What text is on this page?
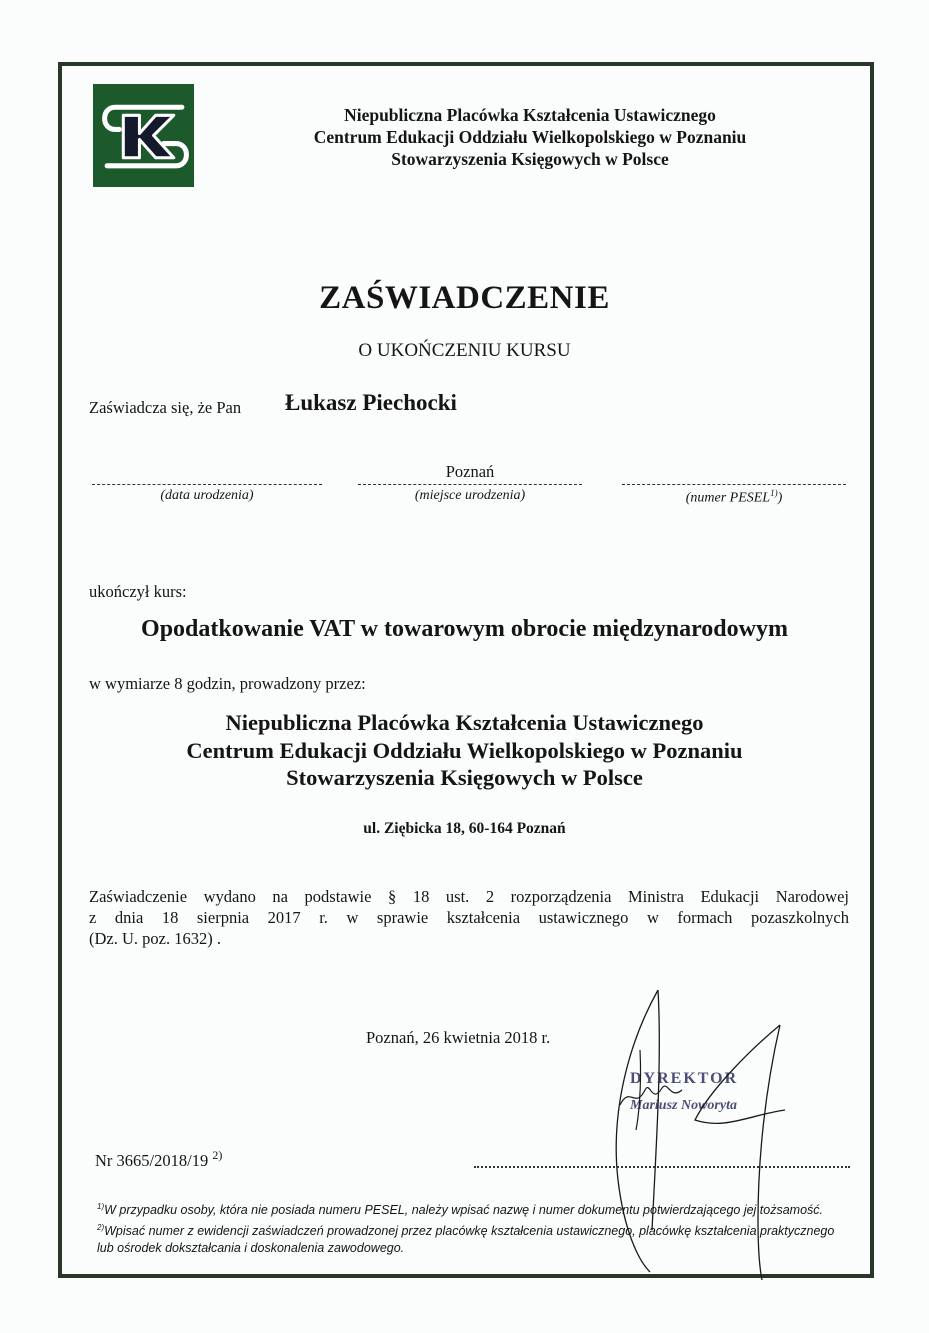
Niepubliczna Placówka Kształcenia Ustawicznego
Centrum Edukacji Oddziału Wielkopolskiego w Poznaniu
Stowarzyszenia Księgowych w Polsce
ZAŚWIADCZENIE
O UKOŃCZENIU KURSU
Zaświadcza się, że Pan Łukasz Piechocki
(data urodzenia)
Poznań
(miejsce urodzenia)	(numer PESEL$^{1)}$)
ukończył kurs:
Opodatkowanie VAT w towarowym obrocie międzynarodowym
w wymiarze 8 godzin, prowadzony przez:
Niepubliczna Placówka Kształcenia Ustawicznego
Centrum Edukacji Oddziału Wielkopolskiego w Poznaniu
Stowarzyszenia Księgowych w Polsce
ul. Ziębicka 18, 60-164 Poznań
Zaświadczenie wydano na podstawie § 18 ust. 2 rozporządzenia Ministra Edukacji Narodowej
z dnia 18 sierpnia 2017 r. w sprawie kształcenia ustawicznego w formach pozaszkolnych
(Dz. U. poz. 1632) .
Poznań, 26 kwietnia 2018 r.
DYREKTOR
Mariusz Noworyta
Nr 3665/2018/19 $^{2)}$
$^{1)}$W przypadku osoby, która nie posiada numeru PESEL, należy wpisać nazwę i numer dokumentu potwierdzającego jej tożsamość.
$^{2)}$Wpisać numer z ewidencji zaświadczeń prowadzonej przez placówkę kształcenia ustawicznego, placówkę kształcenia praktycznego lub ośrodek dokształcania i doskonalenia zawodowego.
